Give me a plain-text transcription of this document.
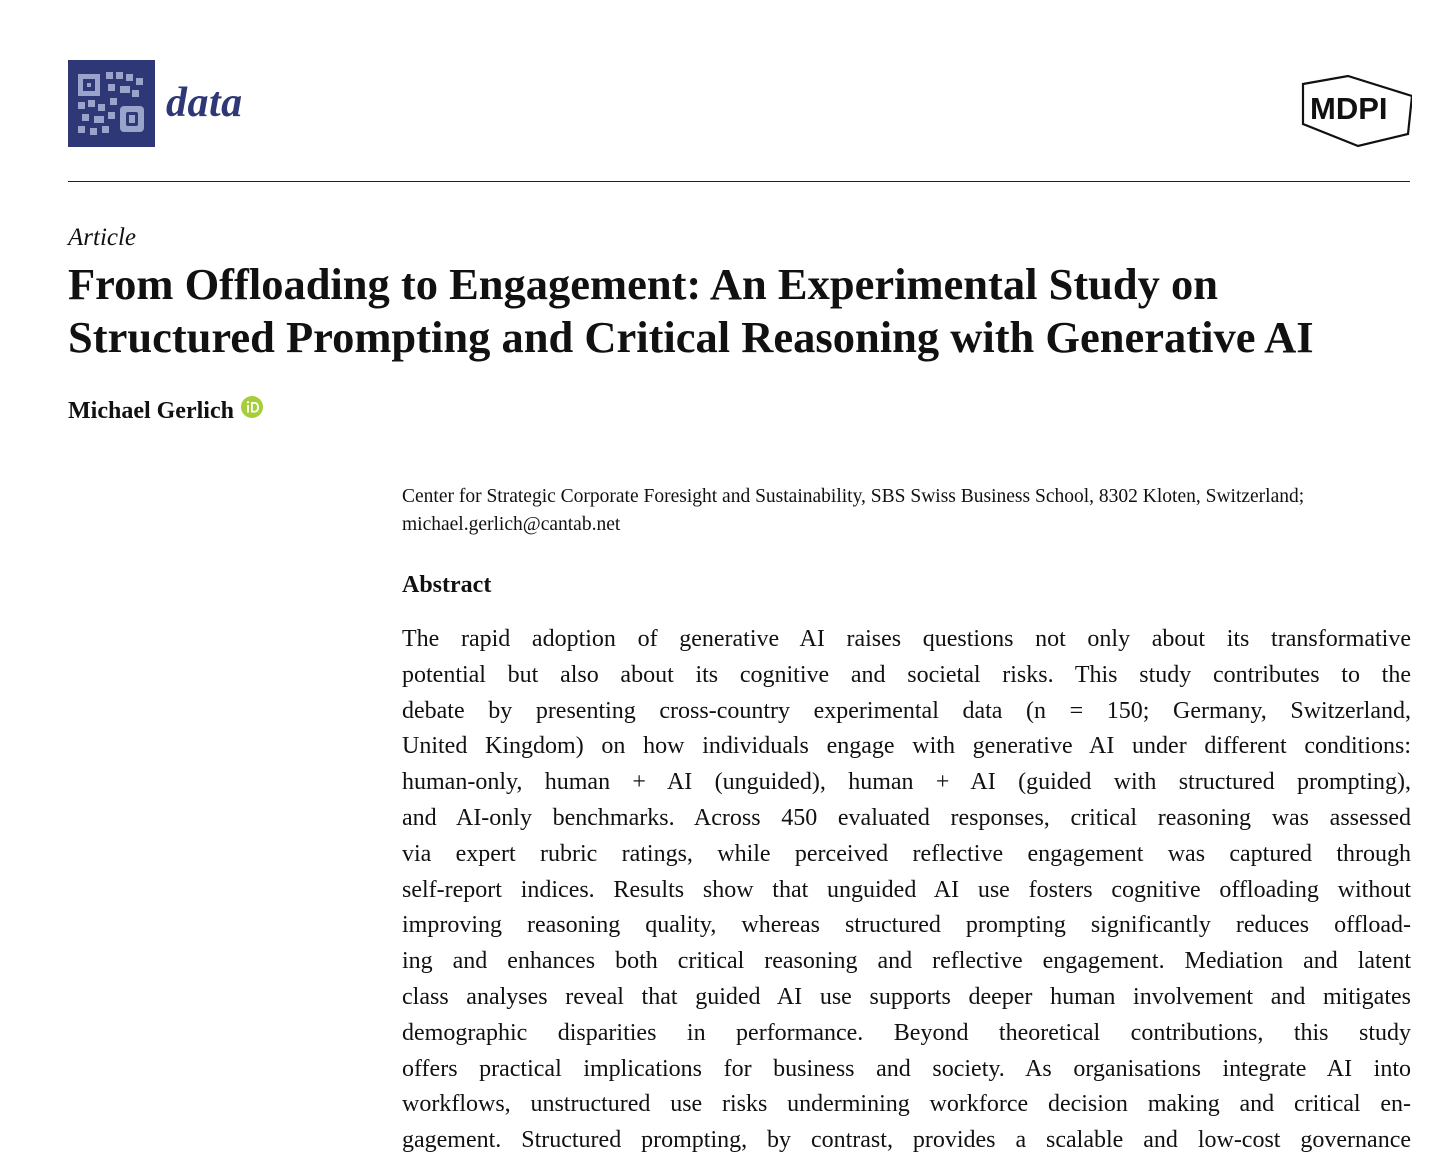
data	MDPI
Article
From Offloading to Engagement: An Experimental Study on
Structured Prompting and Critical Reasoning with Generative AI
Michael Gerlich
Center for Strategic Corporate Foresight and Sustainability, SBS Swiss Business School, 8302 Kloten, Switzerland;
michael.gerlich@cantab.net
Abstract
The rapid adoption of generative AI raises questions not only about its transformative
potential but also about its cognitive and societal risks. This study contributes to the
debate by presenting cross-country experimental data (n = 150; Germany, Switzerland,
United Kingdom) on how individuals engage with generative AI under different conditions:
human-only, human + AI (unguided), human + AI (guided with structured prompting),
and AI-only benchmarks. Across 450 evaluated responses, critical reasoning was assessed
via expert rubric ratings, while perceived reflective engagement was captured through
self-report indices. Results show that unguided AI use fosters cognitive offloading without
improving reasoning quality, whereas structured prompting significantly reduces offload-
ing and enhances both critical reasoning and reflective engagement. Mediation and latent
class analyses reveal that guided AI use supports deeper human involvement and mitigates
demographic disparities in performance. Beyond theoretical contributions, this study
offers practical implications for business and society. As organisations integrate AI into
workflows, unstructured use risks undermining workforce decision making and critical en-
gagement. Structured prompting, by contrast, provides a scalable and low-cost governance
